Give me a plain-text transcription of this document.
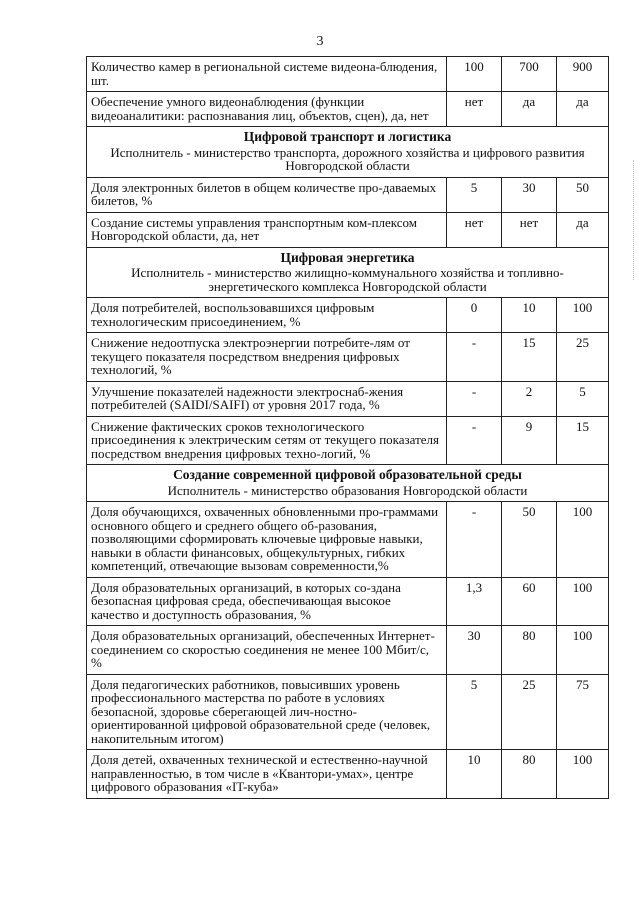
3
Количество камер в региональной системе видеона-блюдения, шт.	100	700	900
Обеспечение умного видеонаблюдения (функции видеоаналитики: распознавания лиц, объектов, сцен), да, нет	нет	да	да

Цифровой транспорт и логистика
Исполнитель - министерство транспорта, дорожного хозяйства и цифрового развития Новгородской области			

Доля электронных билетов в общем количестве про-даваемых билетов, %	5	30	50
Создание системы управления транспортным ком-плексом Новгородской области, да, нет	нет	нет	да

Цифровая энергетика
Исполнитель - министерство жилищно-коммунального хозяйства и топливно-энергетического комплекса Новгородской области			

Доля потребителей, воспользовавшихся цифровым технологическим присоединением, %	0	10	100
Снижение недоотпуска электроэнергии потребите-лям от текущего показателя посредством внедрения цифровых технологий, %	-	15	25
Улучшение показателей надежности электроснаб-жения потребителей (SAIDI/SAIFI) от уровня 2017 года, %	-	2	5
Снижение фактических сроков технологического присоединения к электрическим сетям от текущего показателя посредством внедрения цифровых техно-логий, %	-	9	15

Создание современной цифровой образовательной среды
Исполнитель - министерство образования Новгородской области			

Доля обучающихся, охваченных обновленными про-граммами основного общего и среднего общего об-разования, позволяющими сформировать ключевые цифровые навыки, навыки в области финансовых, общекультурных, гибких компетенций, отвечающие вызовам современности,%	-	50	100
Доля образовательных организаций, в которых со-здана безопасная цифровая среда, обеспечивающая высокое качество и доступность образования, %	1,3	60	100
Доля образовательных организаций, обеспеченных Интернет-соединением со скоростью соединения не менее 100 Мбит/с, %	30	80	100
Доля педагогических работников, повысивших уровень профессионального мастерства по работе в условиях безопасной, здоровье сберегающей лич-ностно-ориентированной цифровой образовательной среде (человек, накопительным итогом)	5	25	75
Доля детей, охваченных технической и естественно-научной направленностью, в том числе в «Квантори-умах», центре цифрового образования «IT-куба»	10	80	100
